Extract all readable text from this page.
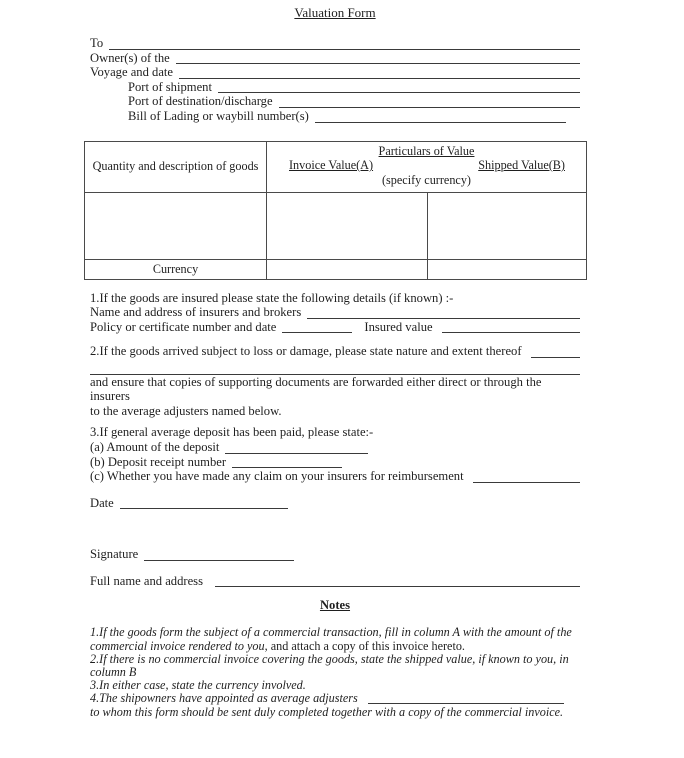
Valuation Form
To
Owner(s) of the
Voyage and date
Port of shipment
Port of destination/discharge
Bill of Lading or waybill number(s)
Quantity and description of goods
Particulars of Value
Invoice Value(A)	Shipped Value(B)
(specify currency)
Currency
1.If the goods are insured please state the following details (if known) :-
Name and address of insurers and brokers
Policy or certificate number and date	Insured value
2.If the goods arrived subject to loss or damage, please state nature and extent thereof
and ensure that copies of supporting documents are forwarded either direct or through the insurers
to the average adjusters named below.
3.If general average deposit has been paid, please state:-
(a) Amount of the deposit
(b) Deposit receipt number
(c) Whether you have made any claim on your insurers for reimbursement
Date
Signature
Full name and address
Notes
1.If the goods form the subject of a commercial transaction, fill in column A with the amount of the
commercial invoice rendered to you , and attach a copy of this invoice hereto.
2.If there is no commercial invoice covering the goods, state the shipped value, if known to you, in
column B
3.In either case, state the currency involved.
4.The shipowners have appointed as average adjusters
to whom this form should be sent duly completed together with a copy of the commercial invoice.
